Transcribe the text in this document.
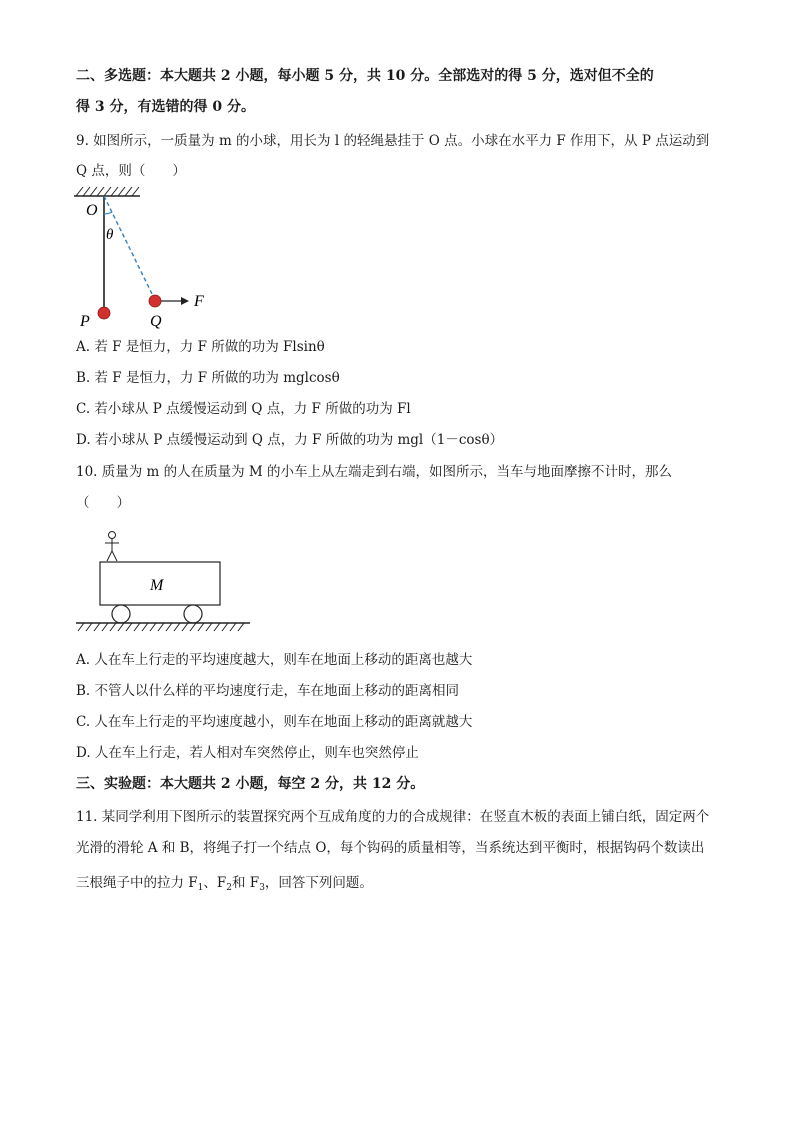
二、多选题：本大题共 2 小题，每小题 5 分，共 10 分。全部选对的得 5 分，选对但不全的
得 3 分，有选错的得 0 分。
9. 如图所示，一质量为 m 的小球，用长为 l 的轻绳悬挂于 O 点。小球在水平力 F 作用下，从 P 点运动到
Q 点，则（　　）
O
θ
P	Q
F
A. 若 F 是恒力，力 F 所做的功为 Flsinθ
B. 若 F 是恒力，力 F 所做的功为 mglcosθ
C. 若小球从 P 点缓慢运动到 Q 点，力 F 所做的功为 Fl
D. 若小球从 P 点缓慢运动到 Q 点，力 F 所做的功为 mgl（1－cosθ）
10. 质量为 m 的人在质量为 M 的小车上从左端走到右端，如图所示，当车与地面摩擦不计时，那么
（　　）
M
A. 人在车上行走的平均速度越大，则车在地面上移动的距离也越大
B. 不管人以什么样的平均速度行走，车在地面上移动的距离相同
C. 人在车上行走的平均速度越小，则车在地面上移动的距离就越大
D. 人在车上行走，若人相对车突然停止，则车也突然停止
三、实验题：本大题共 2 小题，每空 2 分，共 12 分。
11. 某同学利用下图所示的装置探究两个互成角度的力的合成规律：在竖直木板的表面上铺白纸，固定两个
光滑的滑轮 A 和 B，将绳子打一个结点 O，每个钩码的质量相等，当系统达到平衡时，根据钩码个数读出
三根绳子中的拉力 $F_1$、$F_2$和 $F_3$，回答下列问题。
